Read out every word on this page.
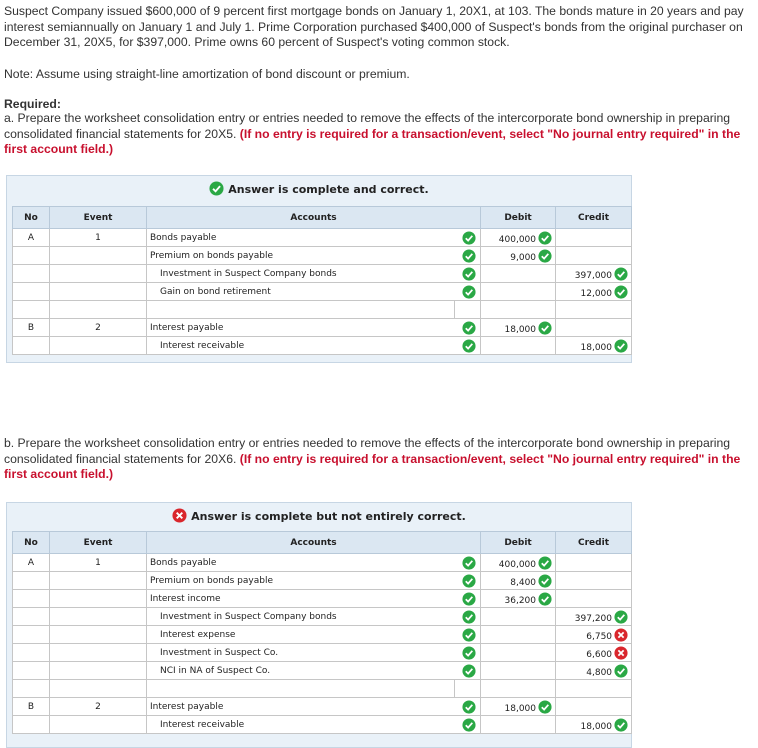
Suspect Company issued $600,000 of 9 percent first mortgage bonds on January 1, 20X1, at 103. The bonds mature in 20 years and pay interest semiannually on January 1 and July 1. Prime Corporation purchased $400,000 of Suspect's bonds from the original purchaser on December 31, 20X5, for $397,000. Prime owns 60 percent of Suspect's voting common stock.
Note: Assume using straight-line amortization of bond discount or premium.
Required:
a. Prepare the worksheet consolidation entry or entries needed to remove the effects of the intercorporate bond ownership in preparing consolidated financial statements for 20X5. (If no entry is required for a transaction/event, select "No journal entry required" in the first account field.)
Answer is complete and correct.
No	Event	Accounts		Debit	Credit
A	1	Bonds payable		400,000	
		Premium on bonds payable		9,000	
		Investment in Suspect Company bonds			397,000
		Gain on bond retirement			12,000

B	2	Interest payable		18,000	
		Interest receivable			18,000
b. Prepare the worksheet consolidation entry or entries needed to remove the effects of the intercorporate bond ownership in preparing consolidated financial statements for 20X6. (If no entry is required for a transaction/event, select "No journal entry required" in the first account field.)
Answer is complete but not entirely correct.
No	Event	Accounts		Debit	Credit
A	1	Bonds payable		400,000	
		Premium on bonds payable		8,400	
		Interest income		36,200	
		Investment in Suspect Company bonds			397,200
		Interest expense			6,750
		Investment in Suspect Co.			6,600
		NCI in NA of Suspect Co.			4,800

B	2	Interest payable		18,000	
		Interest receivable			18,000
